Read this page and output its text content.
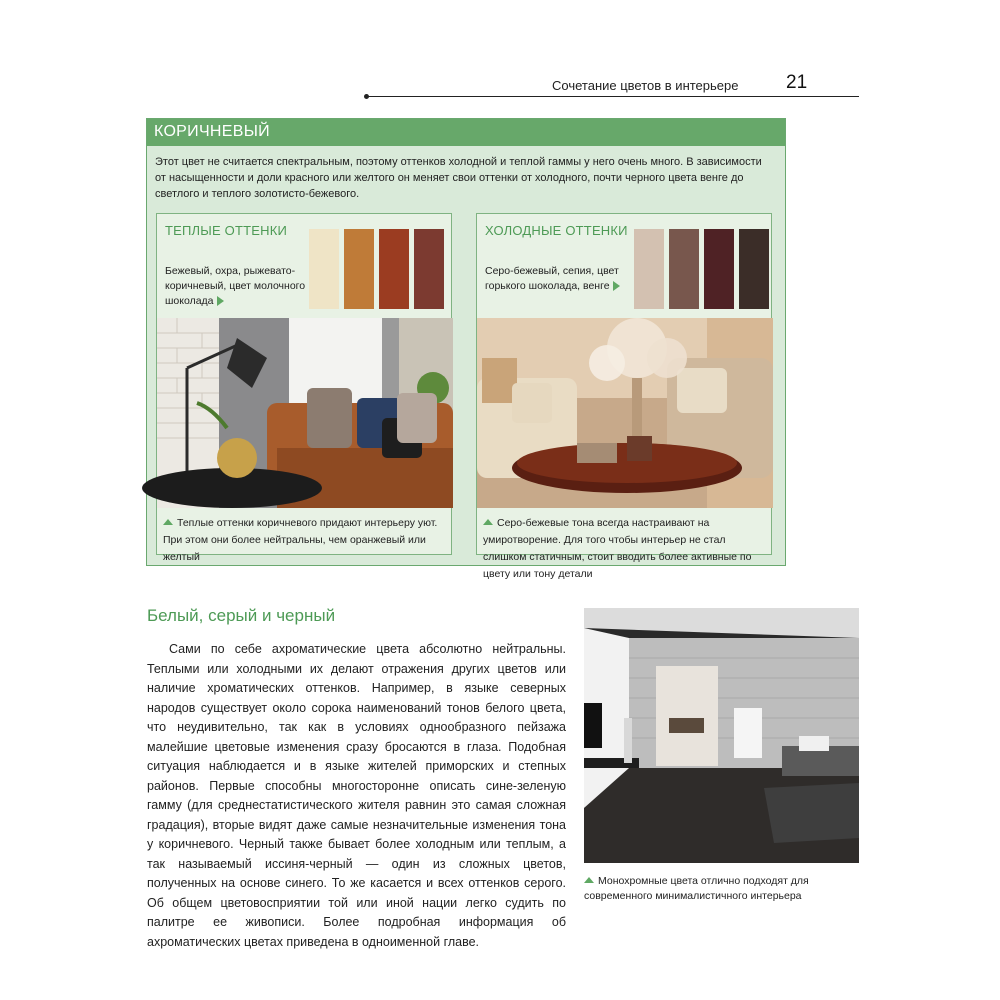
Сочетание цветов в интерьере	21
КОРИЧНЕВЫЙ
Этот цвет не считается спектральным, поэтому оттенков холодной и теплой гаммы у него очень много. В зависимости от насыщенности и доли красного или желтого он меняет свои оттенки от холодного, почти черного цвета венге до светлого и теплого золотисто-бежевого.
ТЕПЛЫЕ ОТТЕНКИ
Бежевый, охра, рыжевато-коричневый, цвет молочного шоколада
Теплые оттенки коричневого придают интерьеру уют. При этом они более нейтральны, чем оранжевый или желтый
ХОЛОДНЫЕ ОТТЕНКИ
Серо-бежевый, сепия, цвет горького шоколада, венге
Серо-бежевые тона всегда настраивают на умиротворение. Для того чтобы интерьер не стал слишком статичным, стоит вводить более активные по цвету или тону детали
Белый, серый и черный

Сами по себе ахроматические цвета абсолютно нейтральны. Теплыми или холодными их делают отражения других цветов или наличие хроматических оттенков. Например, в языке северных народов существует около сорока наименований тонов белого цвета, что неудивительно, так как в условиях однообразного пейзажа малейшие цветовые изменения сразу бросаются в глаза. Подобная ситуация наблюдается и в языке жителей приморских и степных районов. Первые способны многосторонне описать сине-зеленую гамму (для среднестатистического жителя равнин это самая сложная градация), вторые видят даже самые незначительные изменения тона у коричневого. Черный также бывает более холодным или теплым, а так называемый иссиня-черный — один из сложных цветов, полученных на основе синего. То же касается и всех оттенков серого. Об общем цветовосприятии той или иной нации легко судить по палитре ее живописи. Более подробная информация об ахроматических цветах приведена в одноименной главе.

Монохромные цвета отлично подходят для современного минималистичного интерьера
